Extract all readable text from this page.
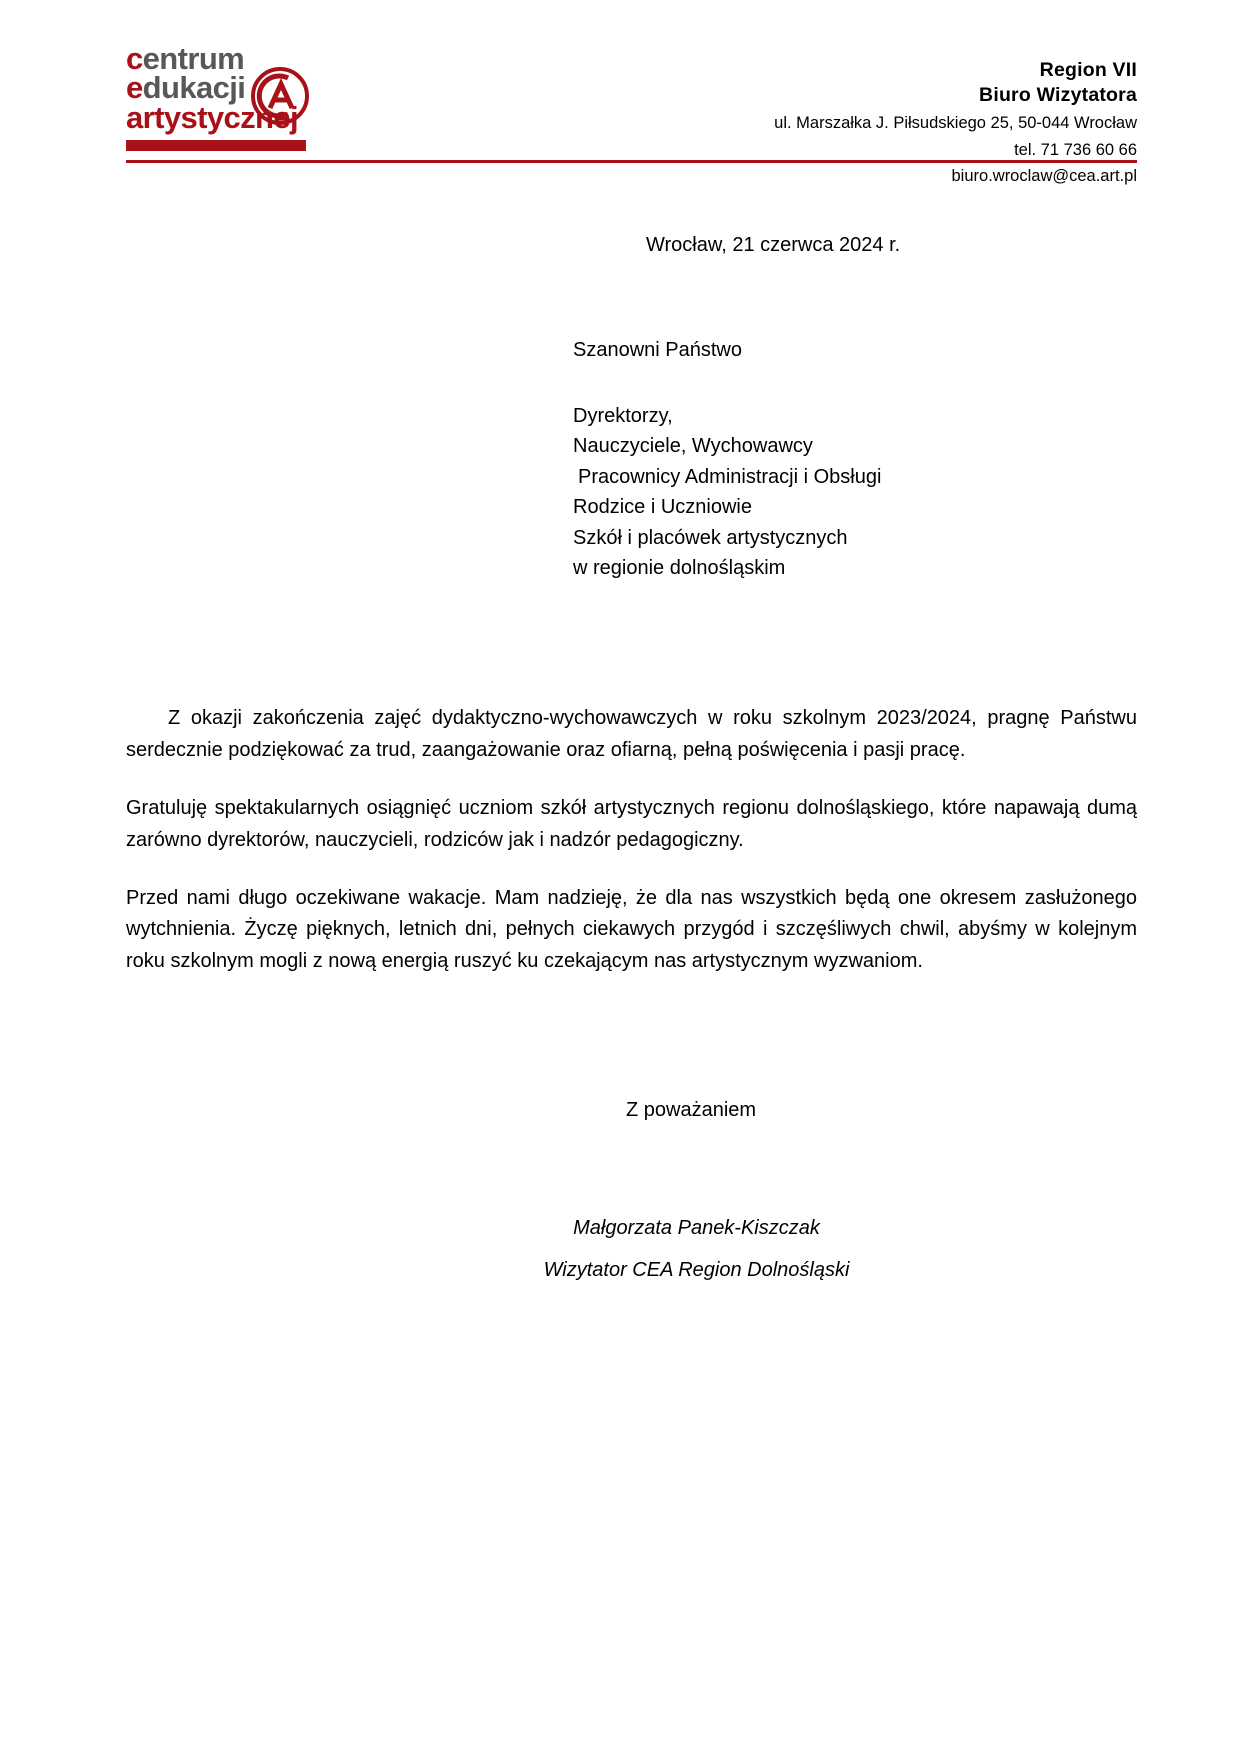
centrum
edukacji
artystycznej
Region VII
Biuro Wizytatora
ul. Marszałka J. Piłsudskiego 25, 50-044 Wrocław
tel. 71 736 60 66
biuro.wroclaw@cea.art.pl
Wrocław, 21 czerwca 2024 r.
Szanowni Państwo
Dyrektorzy,
Nauczyciele, Wychowawcy
Pracownicy Administracji i Obsługi
Rodzice i Uczniowie
Szkół i placówek artystycznych
w regionie dolnośląskim

Z okazji zakończenia zajęć dydaktyczno-wychowawczych w roku szkolnym 2023/2024, pragnę Państwu serdecznie podziękować za trud, zaangażowanie oraz ofiarną, pełną poświęcenia i pasji pracę.

Gratuluję spektakularnych osiągnięć uczniom szkół artystycznych regionu dolnośląskiego, które napawają dumą zarówno dyrektorów, nauczycieli, rodziców jak i nadzór pedagogiczny.

Przed nami długo oczekiwane wakacje. Mam nadzieję, że dla nas wszystkich będą one okresem zasłużonego wytchnienia. Życzę pięknych, letnich dni, pełnych ciekawych przygód i szczęśliwych chwil, abyśmy w kolejnym roku szkolnym mogli z nową energią ruszyć ku czekającym nas artystycznym wyzwaniom.

Z poważaniem
Małgorzata Panek-Kiszczak
Wizytator CEA Region Dolnośląski
